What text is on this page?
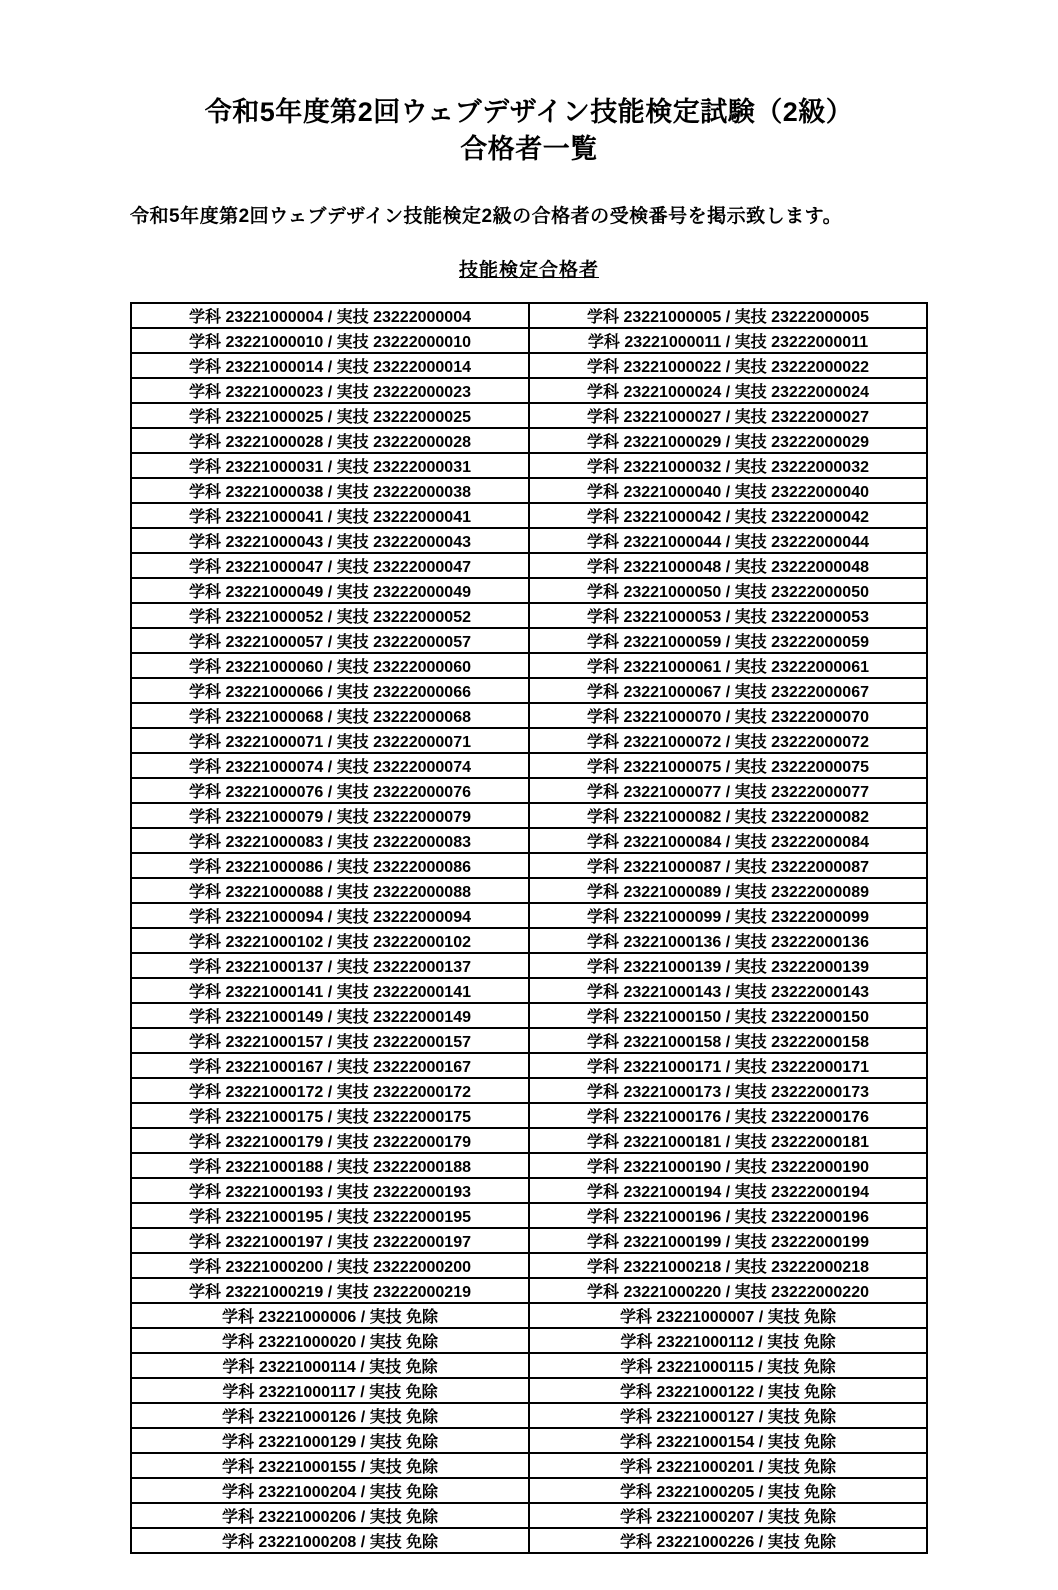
令和5年度第2回ウェブデザイン技能検定試験（2級）
合格者一覧

令和5年度第2回ウェブデザイン技能検定2級の合格者の受検番号を掲示致します。

技能検定合格者
学科 23221000004 / 実技 23222000004	学科 23221000005 / 実技 23222000005
学科 23221000010 / 実技 23222000010	学科 23221000011 / 実技 23222000011
学科 23221000014 / 実技 23222000014	学科 23221000022 / 実技 23222000022
学科 23221000023 / 実技 23222000023	学科 23221000024 / 実技 23222000024
学科 23221000025 / 実技 23222000025	学科 23221000027 / 実技 23222000027
学科 23221000028 / 実技 23222000028	学科 23221000029 / 実技 23222000029
学科 23221000031 / 実技 23222000031	学科 23221000032 / 実技 23222000032
学科 23221000038 / 実技 23222000038	学科 23221000040 / 実技 23222000040
学科 23221000041 / 実技 23222000041	学科 23221000042 / 実技 23222000042
学科 23221000043 / 実技 23222000043	学科 23221000044 / 実技 23222000044
学科 23221000047 / 実技 23222000047	学科 23221000048 / 実技 23222000048
学科 23221000049 / 実技 23222000049	学科 23221000050 / 実技 23222000050
学科 23221000052 / 実技 23222000052	学科 23221000053 / 実技 23222000053
学科 23221000057 / 実技 23222000057	学科 23221000059 / 実技 23222000059
学科 23221000060 / 実技 23222000060	学科 23221000061 / 実技 23222000061
学科 23221000066 / 実技 23222000066	学科 23221000067 / 実技 23222000067
学科 23221000068 / 実技 23222000068	学科 23221000070 / 実技 23222000070
学科 23221000071 / 実技 23222000071	学科 23221000072 / 実技 23222000072
学科 23221000074 / 実技 23222000074	学科 23221000075 / 実技 23222000075
学科 23221000076 / 実技 23222000076	学科 23221000077 / 実技 23222000077
学科 23221000079 / 実技 23222000079	学科 23221000082 / 実技 23222000082
学科 23221000083 / 実技 23222000083	学科 23221000084 / 実技 23222000084
学科 23221000086 / 実技 23222000086	学科 23221000087 / 実技 23222000087
学科 23221000088 / 実技 23222000088	学科 23221000089 / 実技 23222000089
学科 23221000094 / 実技 23222000094	学科 23221000099 / 実技 23222000099
学科 23221000102 / 実技 23222000102	学科 23221000136 / 実技 23222000136
学科 23221000137 / 実技 23222000137	学科 23221000139 / 実技 23222000139
学科 23221000141 / 実技 23222000141	学科 23221000143 / 実技 23222000143
学科 23221000149 / 実技 23222000149	学科 23221000150 / 実技 23222000150
学科 23221000157 / 実技 23222000157	学科 23221000158 / 実技 23222000158
学科 23221000167 / 実技 23222000167	学科 23221000171 / 実技 23222000171
学科 23221000172 / 実技 23222000172	学科 23221000173 / 実技 23222000173
学科 23221000175 / 実技 23222000175	学科 23221000176 / 実技 23222000176
学科 23221000179 / 実技 23222000179	学科 23221000181 / 実技 23222000181
学科 23221000188 / 実技 23222000188	学科 23221000190 / 実技 23222000190
学科 23221000193 / 実技 23222000193	学科 23221000194 / 実技 23222000194
学科 23221000195 / 実技 23222000195	学科 23221000196 / 実技 23222000196
学科 23221000197 / 実技 23222000197	学科 23221000199 / 実技 23222000199
学科 23221000200 / 実技 23222000200	学科 23221000218 / 実技 23222000218
学科 23221000219 / 実技 23222000219	学科 23221000220 / 実技 23222000220
学科 23221000006 / 実技 免除	学科 23221000007 / 実技 免除
学科 23221000020 / 実技 免除	学科 23221000112 / 実技 免除
学科 23221000114 / 実技 免除	学科 23221000115 / 実技 免除
学科 23221000117 / 実技 免除	学科 23221000122 / 実技 免除
学科 23221000126 / 実技 免除	学科 23221000127 / 実技 免除
学科 23221000129 / 実技 免除	学科 23221000154 / 実技 免除
学科 23221000155 / 実技 免除	学科 23221000201 / 実技 免除
学科 23221000204 / 実技 免除	学科 23221000205 / 実技 免除
学科 23221000206 / 実技 免除	学科 23221000207 / 実技 免除
学科 23221000208 / 実技 免除	学科 23221000226 / 実技 免除
